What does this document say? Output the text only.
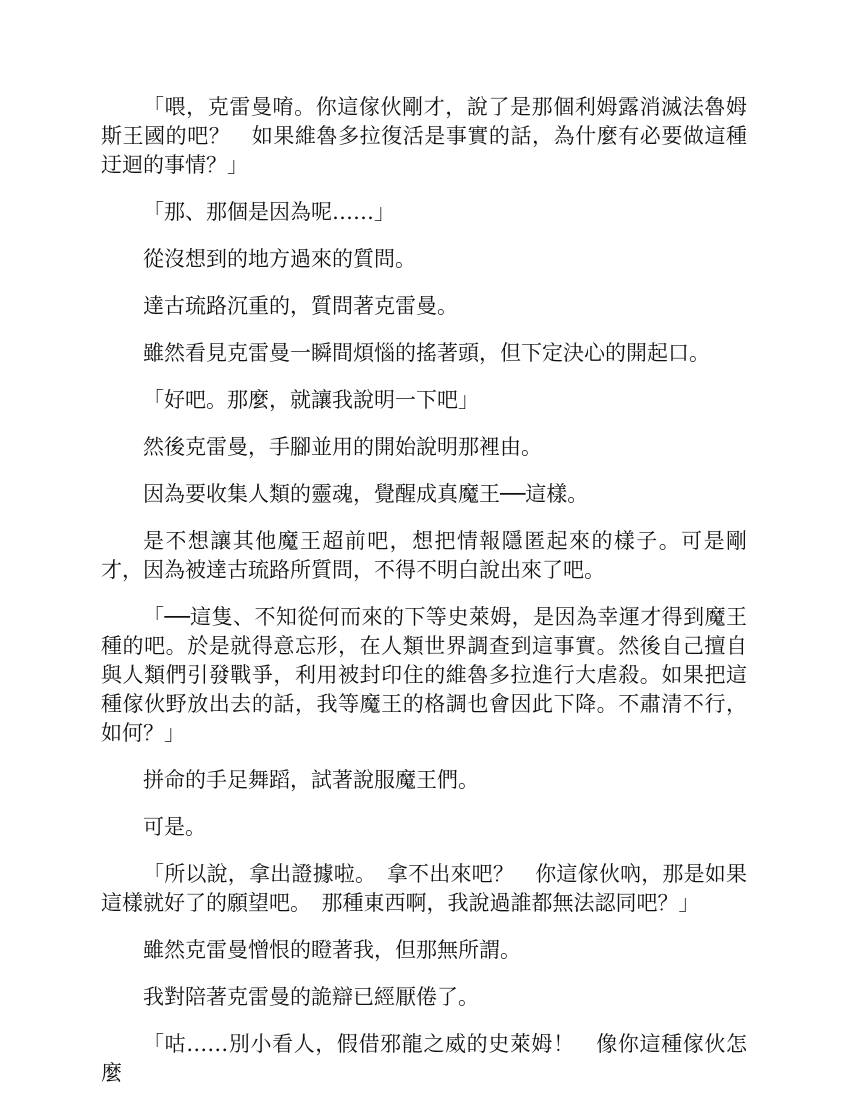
「喂，克雷曼唷。你這傢伙剛才，說了是那個利姆露消滅法魯姆斯王國的吧？　如果維魯多拉復活是事實的話，為什麼有必要做這種迂迴的事情？」

「那、那個是因為呢……」

從沒想到的地方過來的質問。

達古琉路沉重的，質問著克雷曼。

雖然看見克雷曼一瞬間煩惱的搖著頭，但下定決心的開起口。

「好吧。那麼，就讓我說明一下吧」

然後克雷曼，手腳並用的開始說明那裡由。

因為要收集人類的靈魂，覺醒成真魔王──這樣。

是不想讓其他魔王超前吧，想把情報隱匿起來的樣子。可是剛才，因為被達古琉路所質問，不得不明白說出來了吧。

「──這隻、不知從何而來的下等史萊姆，是因為幸運才得到魔王種的吧。於是就得意忘形，在人類世界調查到這事實。然後自己擅自與人類們引發戰爭，利用被封印住的維魯多拉進行大虐殺。如果把這種傢伙野放出去的話，我等魔王的格調也會因此下降。不肅清不行，如何？」

拼命的手足舞蹈，試著說服魔王們。

可是。

「所以說，拿出證據啦。　拿不出來吧？　你這傢伙吶，那是如果這樣就好了的願望吧。　那種東西啊，我說過誰都無法認同吧？」

雖然克雷曼憎恨的瞪著我，但那無所謂。

我對陪著克雷曼的詭辯已經厭倦了。

「咕……別小看人，假借邪龍之威的史萊姆！　像你這種傢伙怎麼
